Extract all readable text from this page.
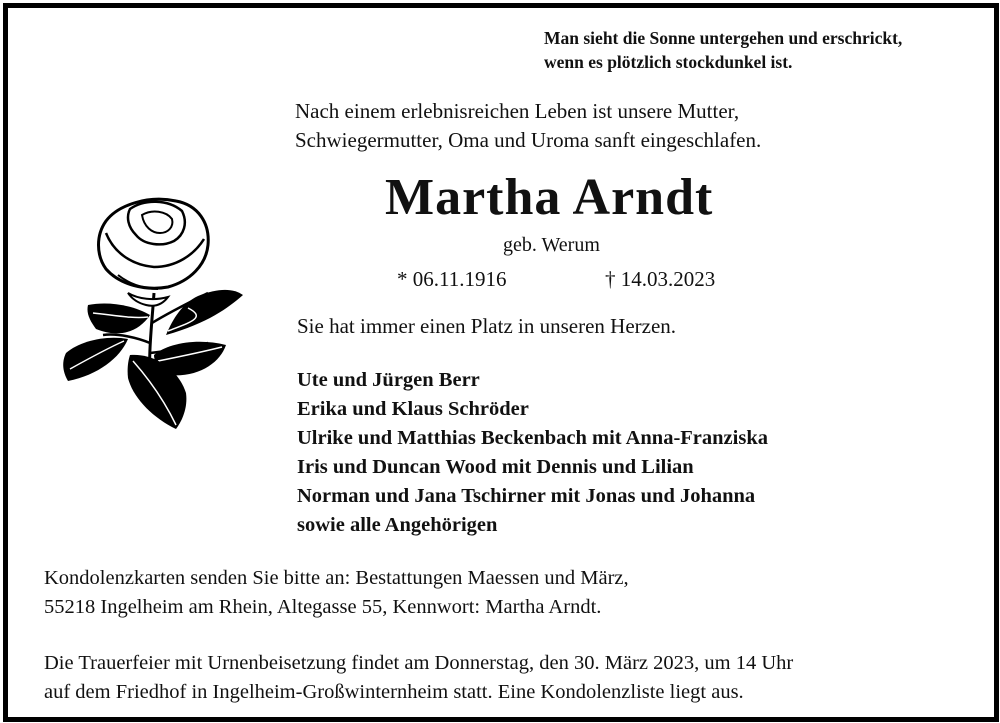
Man sieht die Sonne untergehen und erschrickt,
wenn es plötzlich stockdunkel ist.
Nach einem erlebnisreichen Leben ist unsere Mutter,
Schwiegermutter, Oma und Uroma sanft eingeschlafen.
Martha Arndt
geb. Werum
* 06.11.1916	† 14.03.2023
Sie hat immer einen Platz in unseren Herzen.
Ute und Jürgen Berr
Erika und Klaus Schröder
Ulrike und Matthias Beckenbach mit Anna-Franziska
Iris und Duncan Wood mit Dennis und Lilian
Norman und Jana Tschirner mit Jonas und Johanna
sowie alle Angehörigen
Kondolenzkarten senden Sie bitte an: Bestattungen Maessen und März,
55218 Ingelheim am Rhein, Altegasse 55, Kennwort: Martha Arndt.
Die Trauerfeier mit Urnenbeisetzung findet am Donnerstag, den 30. März 2023, um 14 Uhr
auf dem Friedhof in Ingelheim-Großwinternheim statt. Eine Kondolenzliste liegt aus.
